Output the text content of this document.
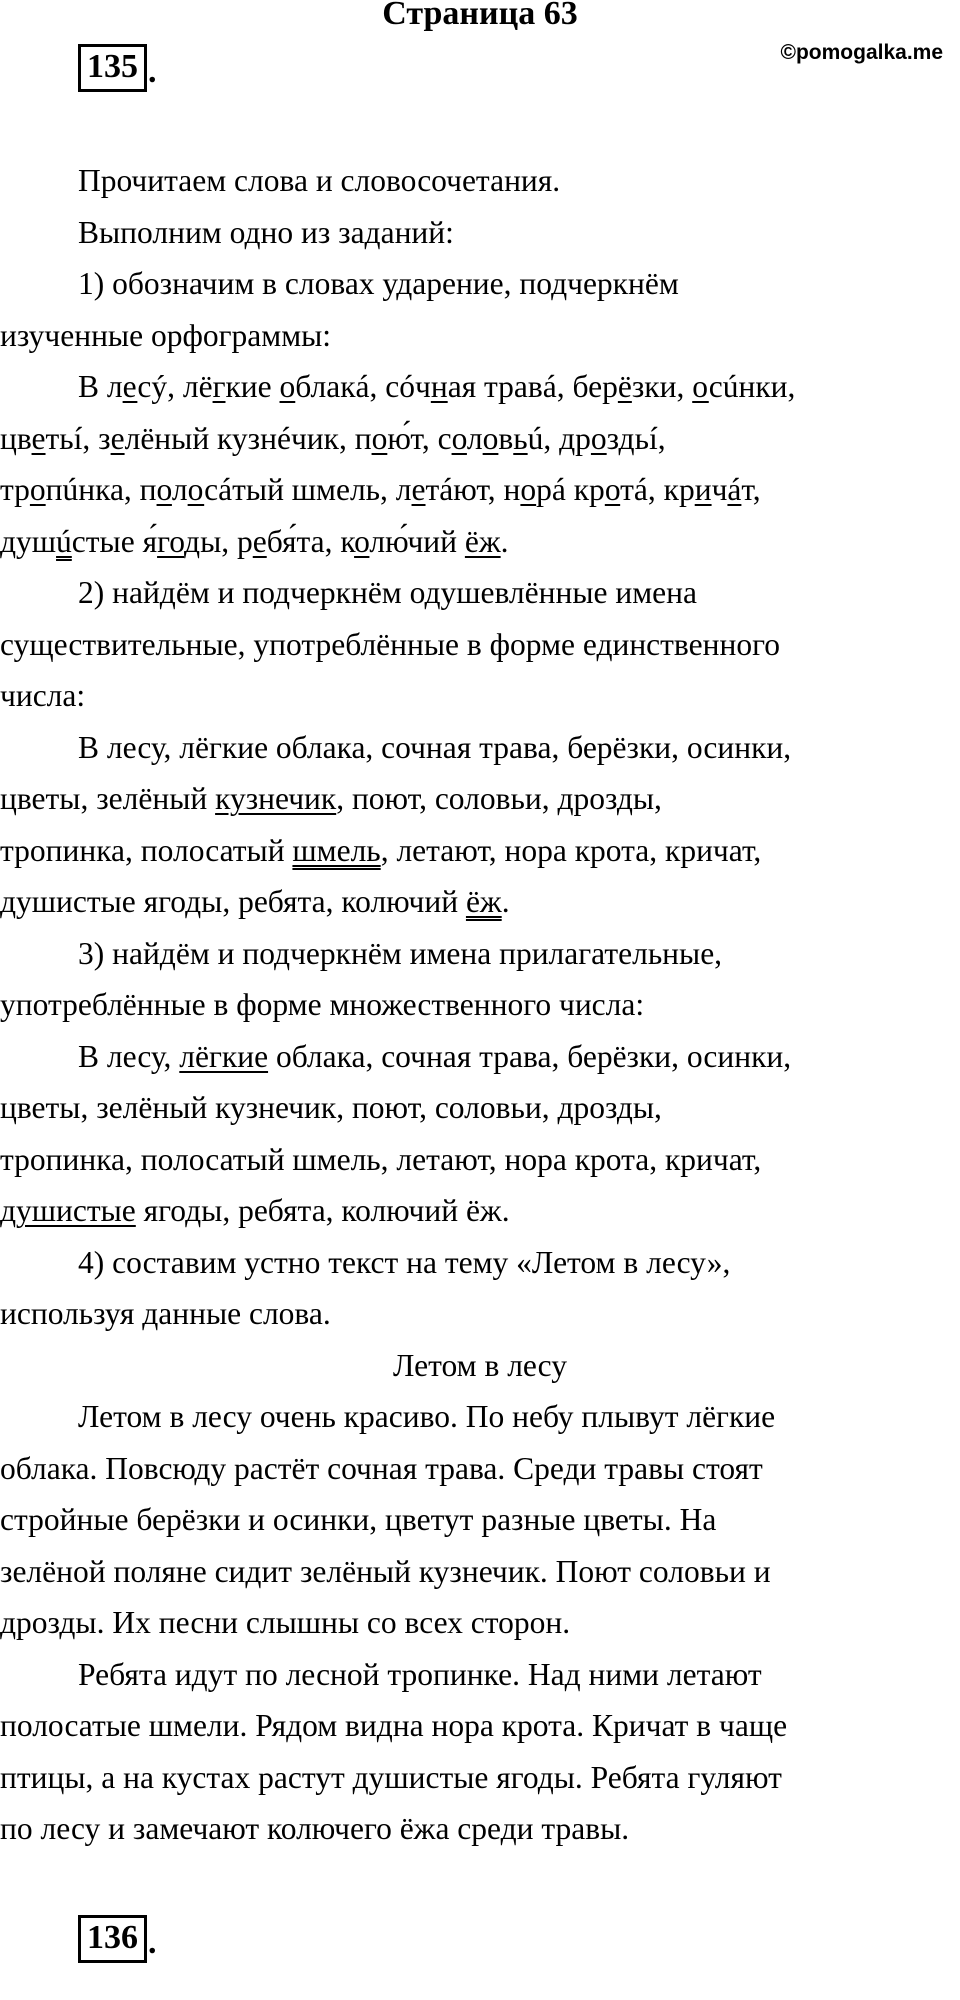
Страница 63
©pomogalka.me
135 .

Прочитаем слова и словосочетания.

Выполним одно из заданий:

1) обозначим в словах ударение, подчеркнём
изученные орфограммы:

В лесý, лёгкие облакá, сóчная травá, берёзки, осúнки,
цветьí, зелёный кузнéчик, пою́т, соловьú, дроздьí,
тропúнка, полосáтый шмель, летáют, норá кротá, кричáт,
душúстые я́годы, ребя́та, колю́чий ёж.

2) найдём и подчеркнём одушевлённые имена
существительные, употреблённые в форме единственного
числа:

В лесу, лёгкие облака, сочная трава, берёзки, осинки,
цветы, зелёный кузнечик, поют, соловьи, дрозды,
тропинка, полосатый шмель, летают, нора крота, кричат,
душистые ягоды, ребята, колючий ёж.

3) найдём и подчеркнём имена прилагательные,
употреблённые в форме множественного числа:

В лесу, лёгкие облака, сочная трава, берёзки, осинки,
цветы, зелёный кузнечик, поют, соловьи, дрозды,
тропинка, полосатый шмель, летают, нора крота, кричат,
душистые ягоды, ребята, колючий ёж.

4) составим устно текст на тему «Летом в лесу»,
используя данные слова.

Летом в лесу

Летом в лесу очень красиво. По небу плывут лёгкие
облака. Повсюду растёт сочная трава. Среди травы стоят
стройные берёзки и осинки, цветут разные цветы. На
зелёной поляне сидит зелёный кузнечик. Поют соловьи и
дрозды. Их песни слышны со всех сторон.

Ребята идут по лесной тропинке. Над ними летают
полосатые шмели. Рядом видна нора крота. Кричат в чаще
птицы, а на кустах растут душистые ягоды. Ребята гуляют
по лесу и замечают колючего ёжа среди травы.

136 .
